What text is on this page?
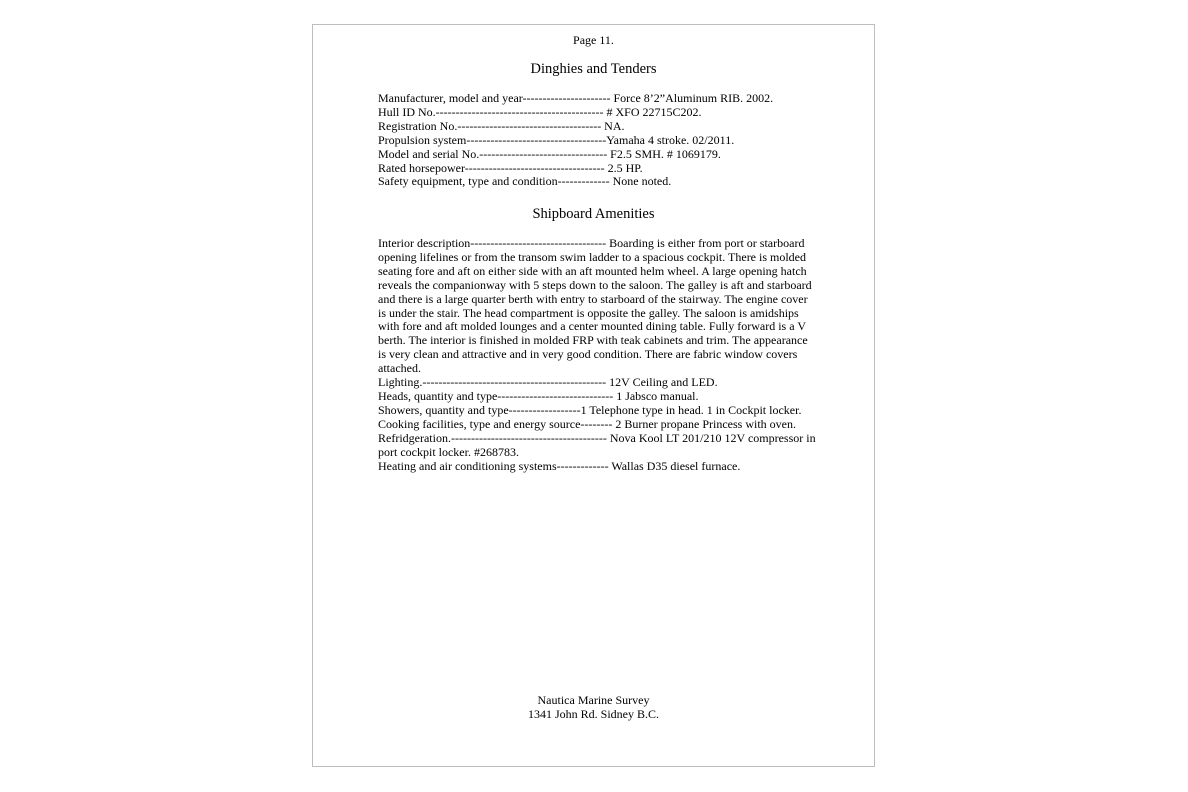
Page 11.
Dinghies and Tenders
Manufacturer, model and year---------------------- Force 8’2”Aluminum RIB. 2002.
Hull ID No.------------------------------------------ # XFO 22715C202.
Registration No.------------------------------------ NA.
Propulsion system-----------------------------------Yamaha 4 stroke. 02/2011.
Model and serial No.-------------------------------- F2.5 SMH. # 1069179.
Rated horsepower----------------------------------- 2.5 HP.
Safety equipment, type and condition------------- None noted.
Shipboard Amenities
Interior description---------------------------------- Boarding is either from port or starboard opening lifelines or from the transom swim ladder to a spacious cockpit. There is molded seating fore and aft on either side with an aft mounted helm wheel. A large opening hatch reveals the companionway with 5 steps down to the saloon. The galley is aft and starboard and there is a large quarter berth with entry to starboard of the stairway. The engine cover is under the stair. The head compartment is opposite the galley. The saloon is amidships with fore and aft molded lounges and a center mounted dining table. Fully forward is a V berth. The interior is finished in molded FRP with teak cabinets and trim. The appearance is very clean and attractive and in very good condition. There are fabric window covers attached.
Lighting.---------------------------------------------- 12V Ceiling and LED.
Heads, quantity and type----------------------------- 1 Jabsco manual.
Showers, quantity and type------------------1 Telephone type in head. 1 in Cockpit locker.
Cooking facilities, type and energy source-------- 2 Burner propane Princess with oven.
Refridgeration.--------------------------------------- Nova Kool LT 201/210 12V compressor in port cockpit locker. #268783.
Heating and air conditioning systems------------- Wallas D35 diesel furnace.
Nautica Marine Survey
1341 John Rd. Sidney B.C.
